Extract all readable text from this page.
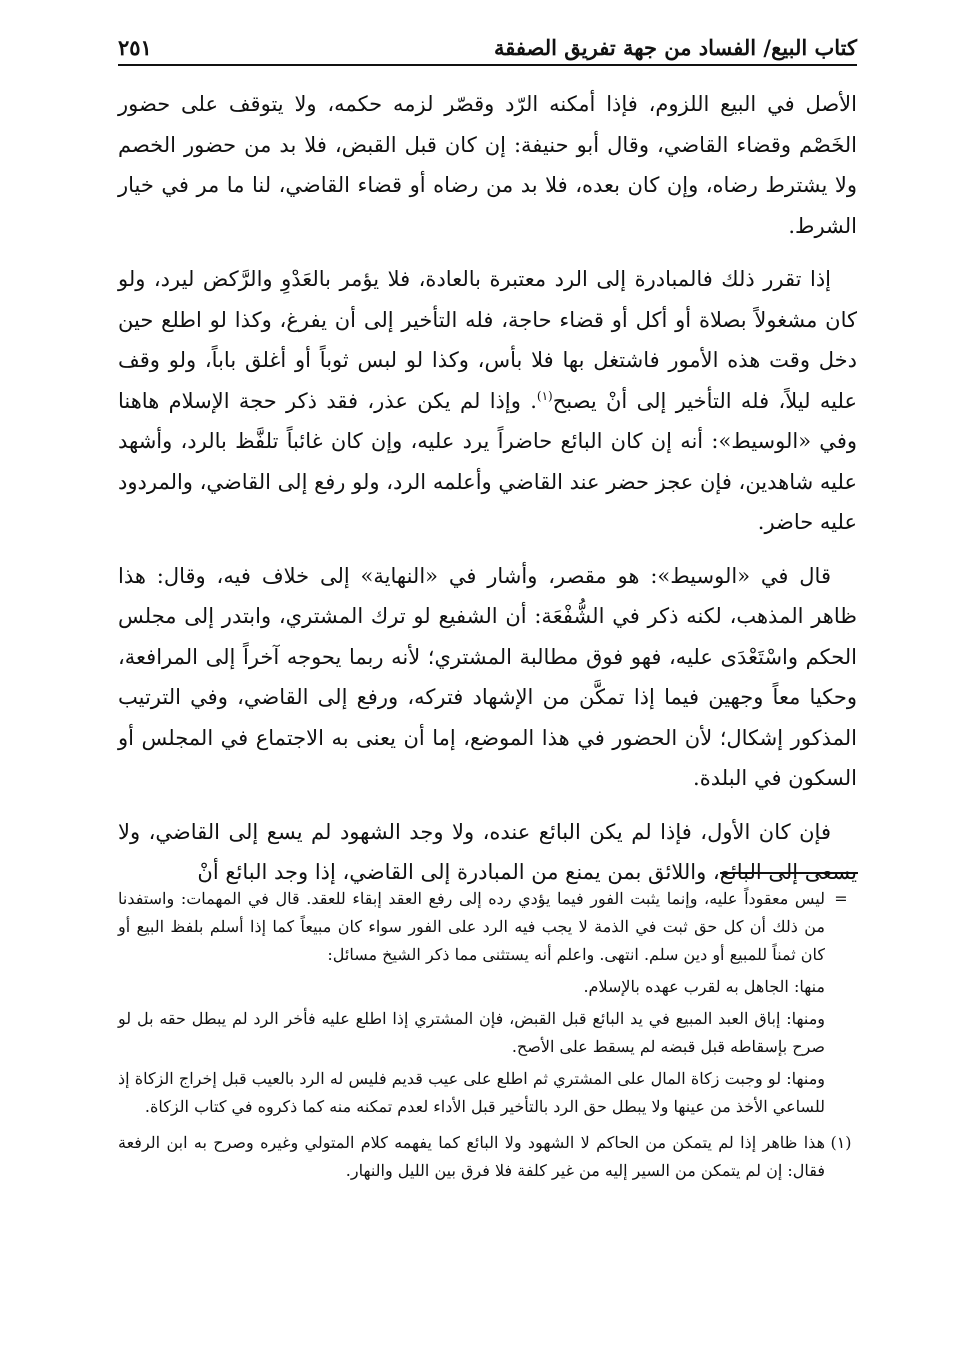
كتاب البيع/ الفساد من جهة تفريق الصفقة
٢٥١

الأصل في البيع اللزوم، فإذا أمكنه الرّد وقصّر لزمه حكمه، ولا يتوقف على حضور الخَصْم وقضاء القاضي، وقال أبو حنيفة: إن كان قبل القبض، فلا بد من حضور الخصم ولا يشترط رضاه، وإن كان بعده، فلا بد من رضاه أو قضاء القاضي، لنا ما مر في خيار الشرط.

إذا تقرر ذلك فالمبادرة إلى الرد معتبرة بالعادة، فلا يؤمر بالعَدْوِ والرَّكض ليرد، ولو كان مشغولاً بصلاة أو أكل أو قضاء حاجة، فله التأخير إلى أن يفرغ، وكذا لو اطلع حين دخل وقت هذه الأمور فاشتغل بها فلا بأس، وكذا لو لبس ثوباً أو أغلق باباً، ولو وقف عليه ليلاً، فله التأخير إلى أنْ يصبح$^{(١)}$. وإذا لم يكن عذر، فقد ذكر حجة الإسلام هاهنا وفي «الوسيط»: أنه إن كان البائع حاضراً يرد عليه، وإن كان غائباً تلفَّظ بالرد، وأشهد عليه شاهدين، فإن عجز حضر عند القاضي وأعلمه الرد، ولو رفع إلى القاضي، والمردود عليه حاضر.

قال في «الوسيط»: هو مقصر، وأشار في «النهاية» إلى خلاف فيه، وقال: هذا ظاهر المذهب، لكنه ذكر في الشُّفْعَة: أن الشفيع لو ترك المشتري، وابتدر إلى مجلس الحكم واسْتَعْدَى عليه، فهو فوق مطالبة المشتري؛ لأنه ربما يحوجه آخراً إلى المرافعة، وحكيا معاً وجهين فيما إذا تمكَّن من الإشهاد فتركه، ورفع إلى القاضي، وفي الترتيب المذكور إشكال؛ لأن الحضور في هذا الموضع، إما أن يعنى به الاجتماع في المجلس أو السكون في البلدة.

فإن كان الأول، فإذا لم يكن البائع عنده، ولا وجد الشهود لم يسع إلى القاضي، ولا يسعى إلى البائع، واللائق بمن يمنع من المبادرة إلى القاضي، إذا وجد البائع أنْ

=

ليس معقوداً عليه، وإنما يثبت الفور فيما يؤدي رده إلى رفع العقد إبقاء للعقد. قال في المهمات: واستفدنا من ذلك أن كل حق ثبت في الذمة لا يجب فيه الرد على الفور سواء كان مبيعاً كما إذا أسلم بلفظ البيع أو كان ثمناً للمبيع أو دين سلم. انتهى. واعلم أنه يستثنى مما ذكر الشيخ مسائل:

منها: الجاهل به لقرب عهده بالإسلام.

ومنها: إباق العبد المبيع في يد البائع قبل القبض، فإن المشتري إذا اطلع عليه فأخر الرد لم يبطل حقه بل لو صرح بإسقاطه قبل قبضه لم يسقط على الأصح.

ومنها: لو وجبت زكاة المال على المشتري ثم اطلع على عيب قديم فليس له الرد بالعيب قبل إخراج الزكاة إذ للساعي الأخذ من عينها ولا يبطل حق الرد بالتأخير قبل الأداء لعدم تمكنه منه كما ذكروه في كتاب الزكاة.

(١)

هذا ظاهر إذا لم يتمكن من الحاكم لا الشهود ولا البائع كما يفهمه كلام المتولي وغيره وصرح به ابن الرفعة فقال: إن لم يتمكن من السير إليه من غير كلفة فلا فرق بين الليل والنهار.
